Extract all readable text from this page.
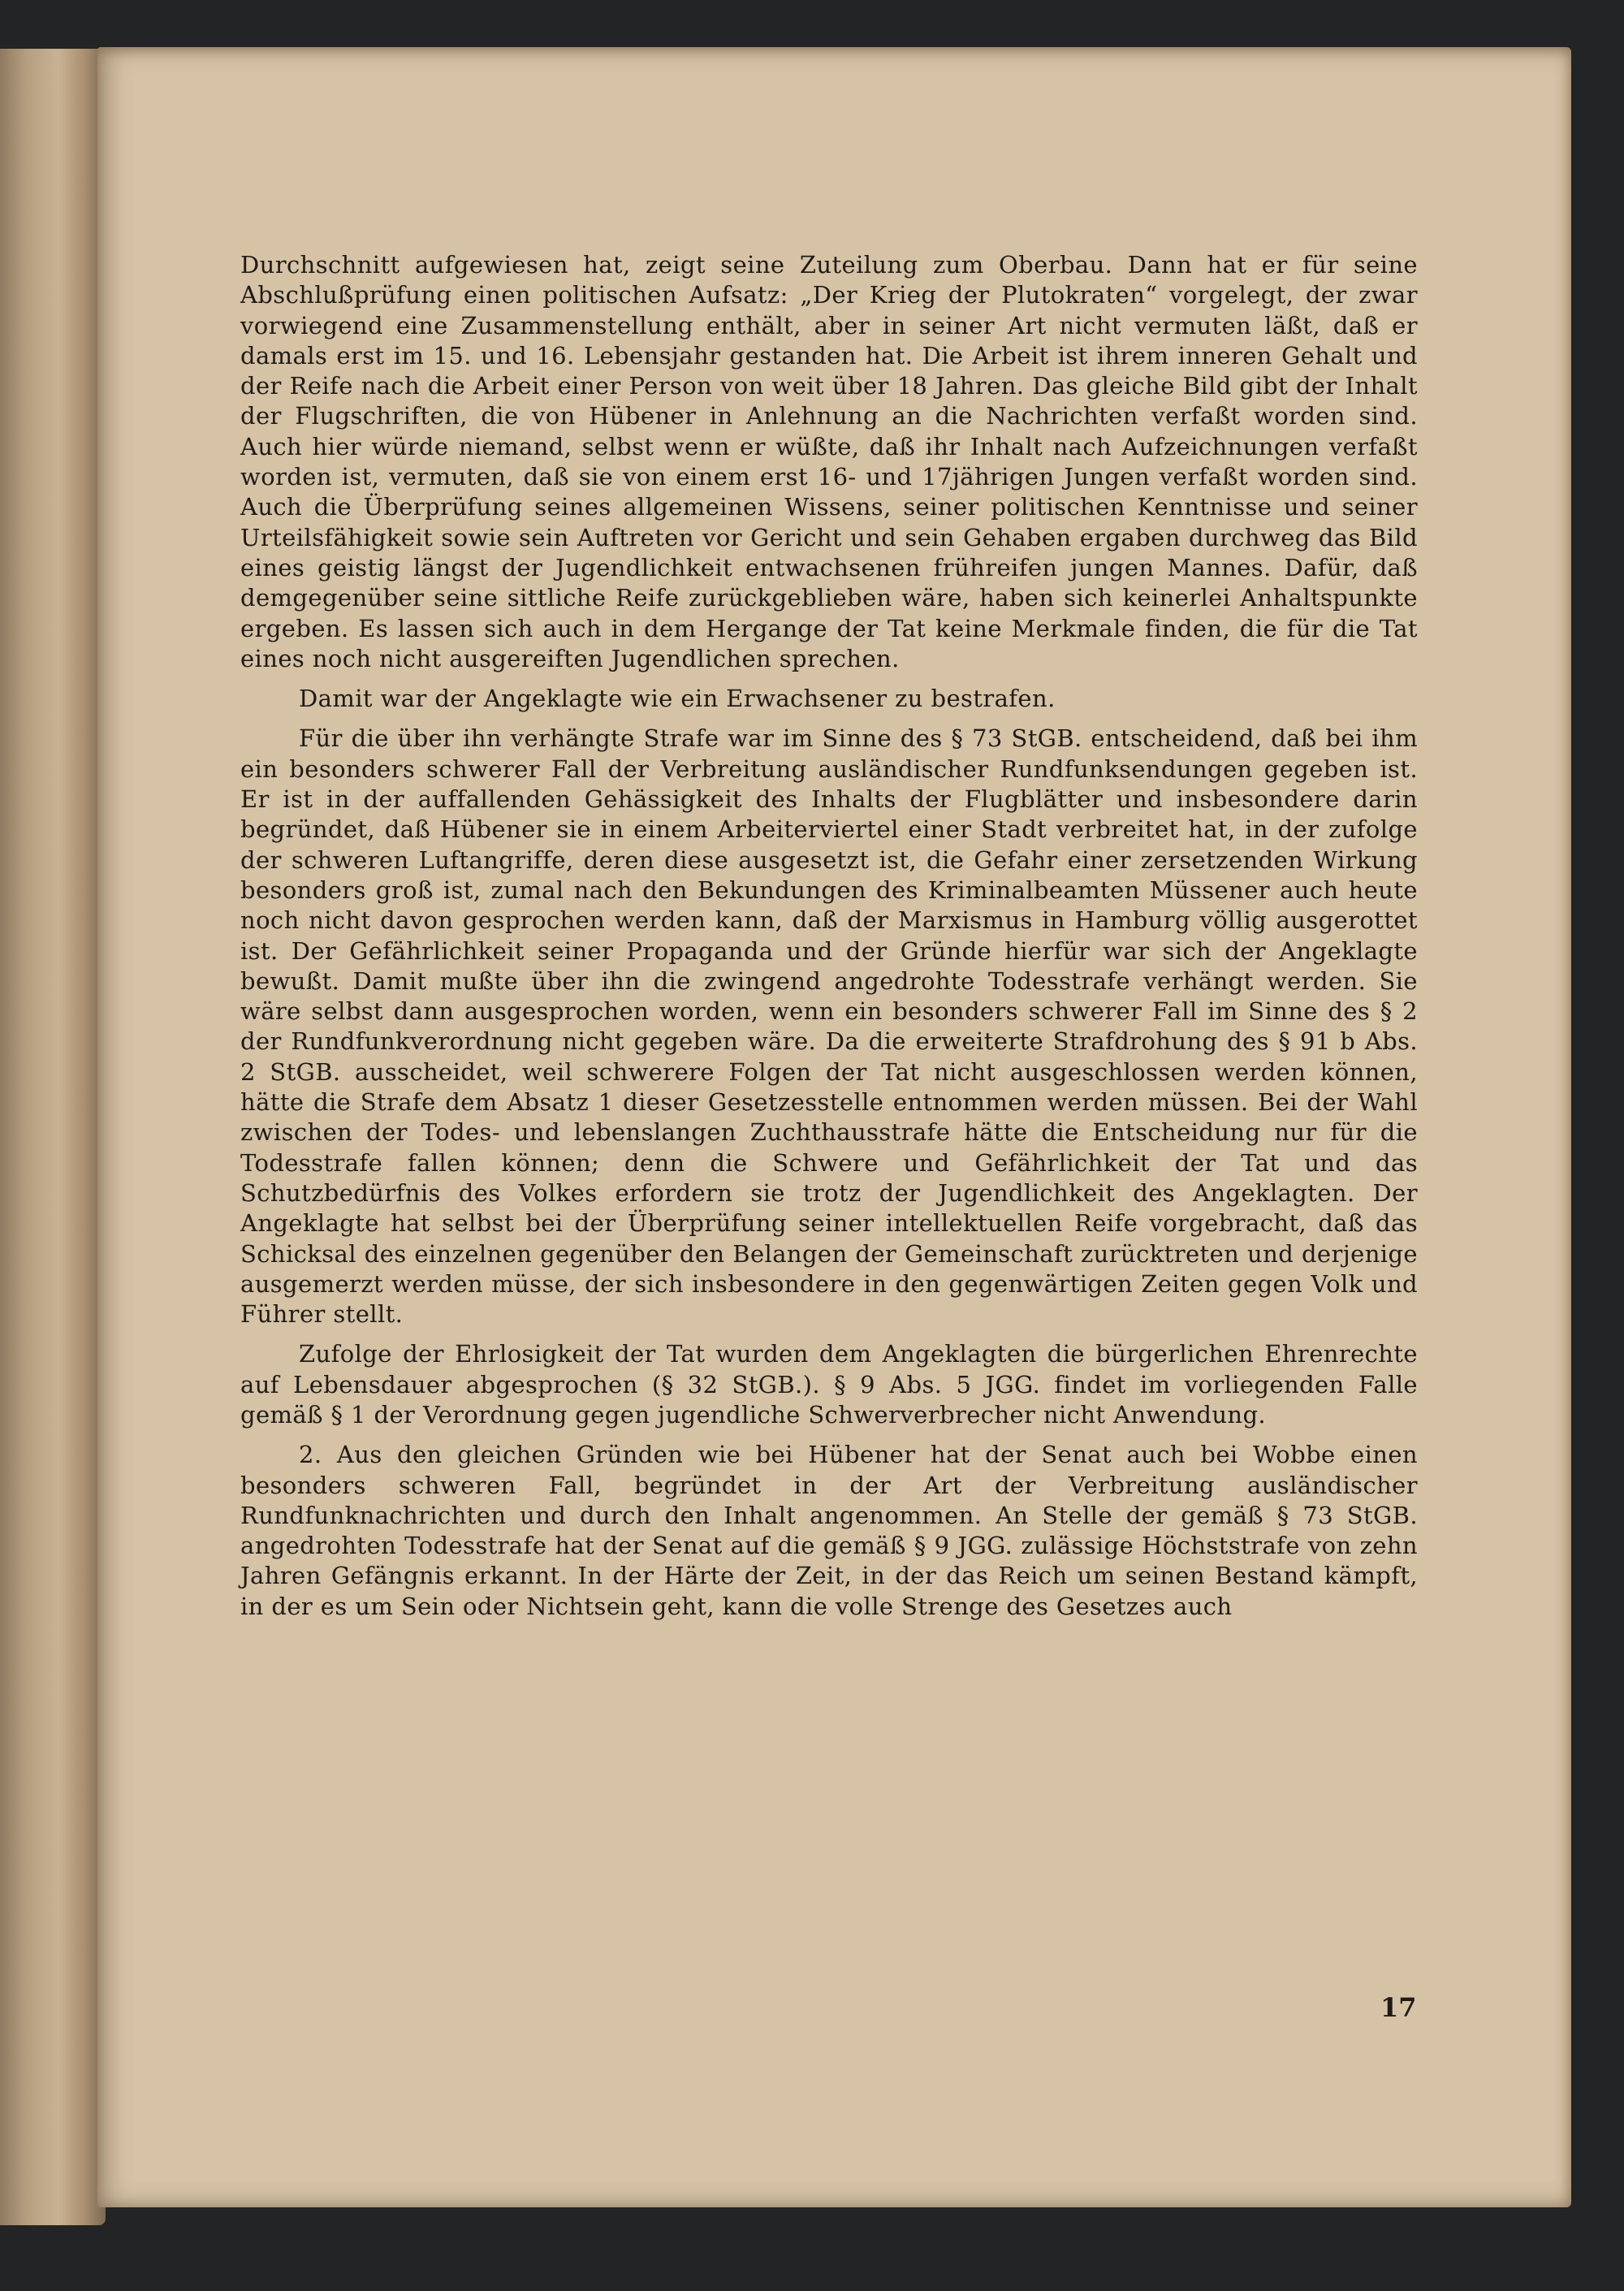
Durchschnitt aufgewiesen hat, zeigt seine Zuteilung zum Oberbau. Dann hat er für seine Abschlußprüfung einen politischen Aufsatz: „Der Krieg der Plutokraten“ vorgelegt, der zwar vorwiegend eine Zusammenstellung enthält, aber in seiner Art nicht vermuten läßt, daß er damals erst im 15. und 16. Lebensjahr gestanden hat. Die Arbeit ist ihrem inneren Gehalt und der Reife nach die Arbeit einer Person von weit über 18 Jahren. Das gleiche Bild gibt der Inhalt der Flugschriften, die von Hübener in Anlehnung an die Nachrichten verfaßt worden sind. Auch hier würde niemand, selbst wenn er wüßte, daß ihr Inhalt nach Aufzeichnungen verfaßt worden ist, vermuten, daß sie von einem erst 16- und 17jährigen Jungen verfaßt worden sind. Auch die Überprüfung seines allgemeinen Wissens, seiner politischen Kenntnisse und seiner Urteilsfähigkeit sowie sein Auftreten vor Gericht und sein Gehaben ergaben durchweg das Bild eines geistig längst der Jugendlichkeit entwachsenen frühreifen jungen Mannes. Dafür, daß demgegenüber seine sittliche Reife zurückgeblieben wäre, haben sich keinerlei Anhaltspunkte ergeben. Es lassen sich auch in dem Hergange der Tat keine Merkmale finden, die für die Tat eines noch nicht ausgereiften Jugendlichen sprechen.

Damit war der Angeklagte wie ein Erwachsener zu bestrafen.

Für die über ihn verhängte Strafe war im Sinne des § 73 StGB. entscheidend, daß bei ihm ein besonders schwerer Fall der Verbreitung ausländischer Rundfunksendungen gegeben ist. Er ist in der auffallenden Gehässigkeit des Inhalts der Flugblätter und insbesondere darin begründet, daß Hübener sie in einem Arbeiterviertel einer Stadt verbreitet hat, in der zufolge der schweren Luftangriffe, deren diese ausgesetzt ist, die Gefahr einer zersetzenden Wirkung besonders groß ist, zumal nach den Bekundungen des Kriminalbeamten Müssener auch heute noch nicht davon gesprochen werden kann, daß der Marxismus in Hamburg völlig ausgerottet ist. Der Gefährlichkeit seiner Propaganda und der Gründe hierfür war sich der Angeklagte bewußt. Damit mußte über ihn die zwingend angedrohte Todesstrafe verhängt werden. Sie wäre selbst dann ausgesprochen worden, wenn ein besonders schwerer Fall im Sinne des § 2 der Rundfunkverordnung nicht gegeben wäre. Da die erweiterte Strafdrohung des § 91 b Abs. 2 StGB. ausscheidet, weil schwerere Folgen der Tat nicht ausgeschlossen werden können, hätte die Strafe dem Absatz 1 dieser Gesetzesstelle entnommen werden müssen. Bei der Wahl zwischen der Todes- und lebenslangen Zuchthausstrafe hätte die Entscheidung nur für die Todesstrafe fallen können; denn die Schwere und Gefährlichkeit der Tat und das Schutzbedürfnis des Volkes erfordern sie trotz der Jugendlichkeit des Angeklagten. Der Angeklagte hat selbst bei der Überprüfung seiner intellektuellen Reife vorgebracht, daß das Schicksal des einzelnen gegenüber den Belangen der Gemeinschaft zurücktreten und derjenige ausgemerzt werden müsse, der sich insbesondere in den gegenwärtigen Zeiten gegen Volk und Führer stellt.

Zufolge der Ehrlosigkeit der Tat wurden dem Angeklagten die bürgerlichen Ehrenrechte auf Lebensdauer abgesprochen (§ 32 StGB.). § 9 Abs. 5 JGG. findet im vorliegenden Falle gemäß § 1 der Verordnung gegen jugendliche Schwerverbrecher nicht Anwendung.

2. Aus den gleichen Gründen wie bei Hübener hat der Senat auch bei Wobbe einen besonders schweren Fall, begründet in der Art der Verbreitung ausländischer Rundfunknachrichten und durch den Inhalt angenommen. An Stelle der gemäß § 73 StGB. angedrohten Todesstrafe hat der Senat auf die gemäß § 9 JGG. zulässige Höchststrafe von zehn Jahren Gefängnis erkannt. In der Härte der Zeit, in der das Reich um seinen Bestand kämpft, in der es um Sein oder Nichtsein geht, kann die volle Strenge des Gesetzes auch

17
